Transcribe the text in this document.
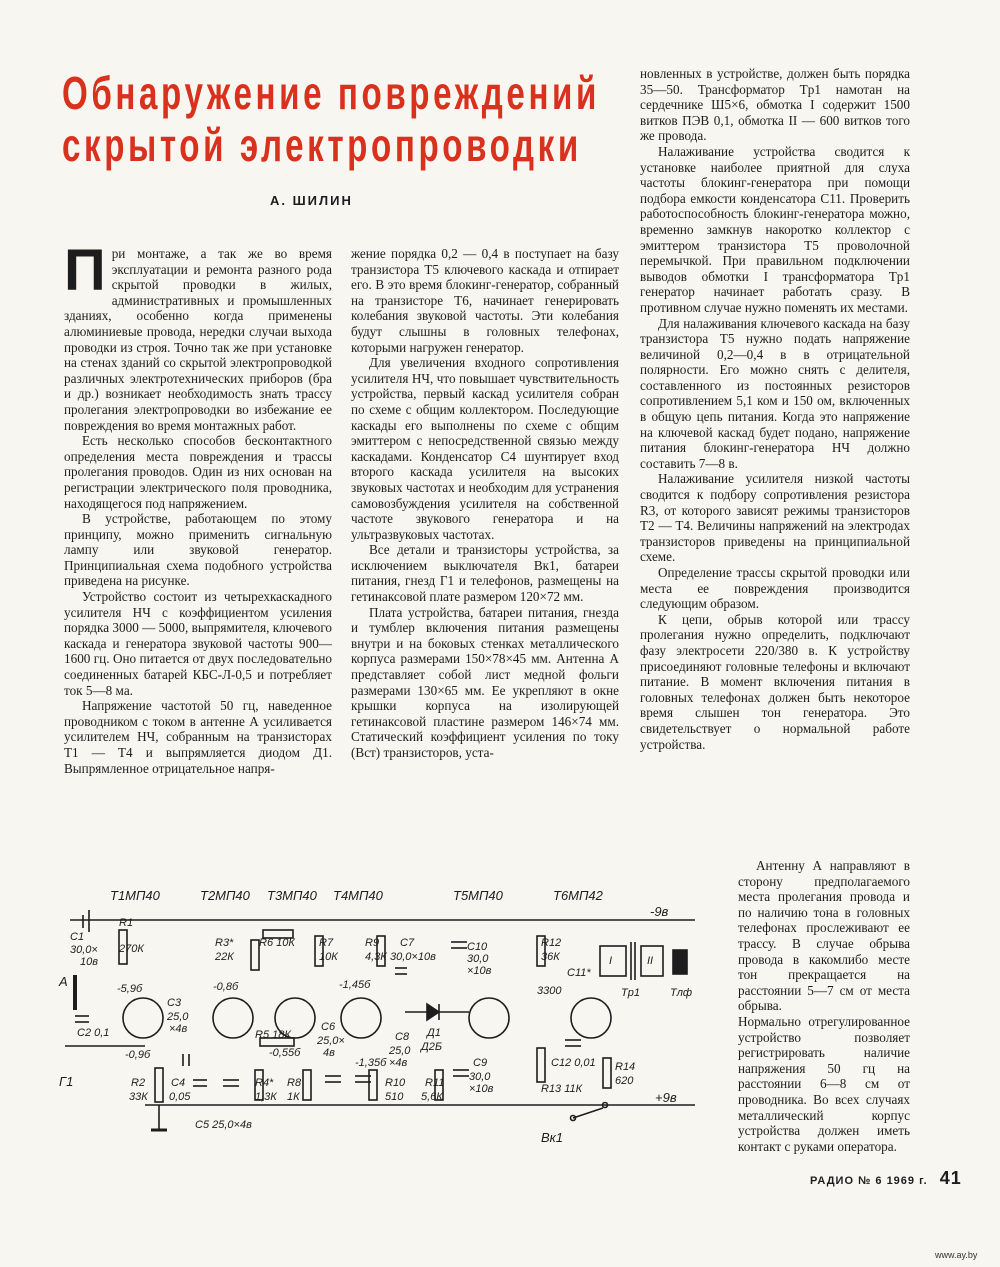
Обнаружение повреждений
скрытой электропроводки
А. ШИЛИН
П ри монтаже, а так же во время эксплуатации и ремонта разного рода скрытой проводки в жилых, административных и промышленных зданиях, особенно когда применены алюминиевые провода, нередки случаи выхода проводки из строя. Точно так же при установке на стенах зданий со скрытой электропроводкой различных электротехнических приборов (бра и др.) возникает необходимость знать трассу пролегания электропроводки во избежание ее повреждения во время монтажных работ.

Есть несколько способов бесконтактного определения места повреждения и трассы пролегания проводов. Один из них основан на регистрации электрического поля проводника, находящегося под напряжением.

В устройстве, работающем по этому принципу, можно применить сигнальную лампу или звуковой генератор. Принципиальная схема подобного устройства приведена на рисунке.

Устройство состоит из четырехкаскадного усилителя НЧ с коэффициентом усиления порядка 3000 — 5000, выпрямителя, ключевого каскада и генератора звуковой частоты 900—1600 гц. Оно питается от двух последовательно соединенных батарей КБС-Л-0,5 и потребляет ток 5—8 ма.

Напряжение частотой 50 гц, наведенное проводником с током в антенне А усиливается усилителем НЧ, собранным на транзисторах T1 — T4 и выпрямляется диодом Д1. Выпрямленное отрицательное напря-

жение порядка 0,2 — 0,4 в поступает на базу транзистора T5 ключевого каскада и отпирает его. В это время блокинг-генератор, собранный на транзисторе T6, начинает генерировать колебания звуковой частоты. Эти колебания будут слышны в головных телефонах, которыми нагружен генератор.

Для увеличения входного сопротивления усилителя НЧ, что повышает чувствительность устройства, первый каскад усилителя собран по схеме с общим коллектором. Последующие каскады его выполнены по схеме с общим эмиттером с непосредственной связью между каскадами. Конденсатор C4 шунтирует вход второго каскада усилителя на высоких звуковых частотах и необходим для устранения самовозбуждения усилителя на собственной частоте звукового генератора и на ультразвуковых частотах.

Все детали и транзисторы устройства, за исключением выключателя Вк1, батареи питания, гнезд Г1 и телефонов, размещены на гетинаксовой плате размером 120×72 мм.

Плата устройства, батареи питания, гнезда и тумблер включения питания размещены внутри и на боковых стенках металлического корпуса размерами 150×78×45 мм. Антенна А представляет собой лист медной фольги размерами 130×65 мм. Ее укрепляют в окне крышки корпуса на изолирующей гетинаксовой пластине размером 146×74 мм. Статический коэффициент усиления по току (Bст) транзисторов, уста-

новленных в устройстве, должен быть порядка 35—50. Трансформатор Tp1 намотан на сердечнике Ш5×6, обмотка I содержит 1500 витков ПЭВ 0,1, обмотка II — 600 витков того же провода.

Налаживание устройства сводится к установке наиболее приятной для слуха частоты блокинг-генератора при помощи подбора емкости конденсатора C11. Проверить работоспособность блокинг-генератора можно, временно замкнув накоротко коллектор с эмиттером транзистора T5 проволочной перемычкой. При правильном подключении выводов обмотки I трансформатора Tp1 генератор начинает работать сразу. В противном случае нужно поменять их местами.

Для налаживания ключевого каскада на базу транзистора T5 нужно подать напряжение величиной 0,2—0,4 в в отрицательной полярности. Его можно снять с делителя, составленного из постоянных резисторов сопротивлением 5,1 ком и 150 ом, включенных в общую цепь питания. Когда это напряжение на ключевой каскад будет подано, напряжение питания блокинг-генератора НЧ должно составить 7—8 в.

Налаживание усилителя низкой частоты сводится к подбору сопротивления резистора R3, от которого зависят режимы транзисторов T2 — T4. Величины напряжений на электродах транзисторов приведены на принципиальной схеме.

Определение трассы скрытой проводки или места ее повреждения производится следующим образом.

К цепи, обрыв которой или трассу пролегания нужно определить, подключают фазу электросети 220/380 в. К устройству присоединяют головные телефоны и включают питание. В момент включения питания в головных телефонах должен быть некоторое время слышен тон генератора. Это свидетельствует о нормальной работе устройства.

Антенну А направляют в сторону предполагаемого места пролегания провода и по наличию тона в головных телефонах прослеживают ее трассу. В случае обрыва провода в какомлибо месте тон прекращается на расстоянии 5—7 см от места обрыва.

Нормально отрегулированное устройство позволяет регистрировать наличие напряжения 50 гц на расстоянии 6—8 см от проводника. Во всех случаях металлический корпус устройства должен иметь контакт с руками оператора.

T1МП40	T2МП40 T3МП40 T4МП40	T5МП40	T6МП42
-9в
+9в
C1
30,0×
10в
R1
270К	R3*
22К
R6 10К R7
10К
R9
4,3К
C7
30,0×10в
C10
30,0
×10в
R12
36К
C11*
3300
I	II
Tp1	Tлф
A
C2 0,1
C3
25,0
×4в	R5 18К
C6
25,0×
4в
C8
25,0
×4в
Д1
Д2Б
C9
30,0
×10в
C12 0,01
R13 11К
R14
620
Г1	R2
33К
C4
0,05
C5 25,0×4в
R4*
1,3К
R8
1К
R10
510
R11
5,6К
Вк1
-5,9б	-0,8б
-0,9б	-0,55б
-1,45б
-1,35б
РАДИО № 6 1969 г. 41
www.ay.by
